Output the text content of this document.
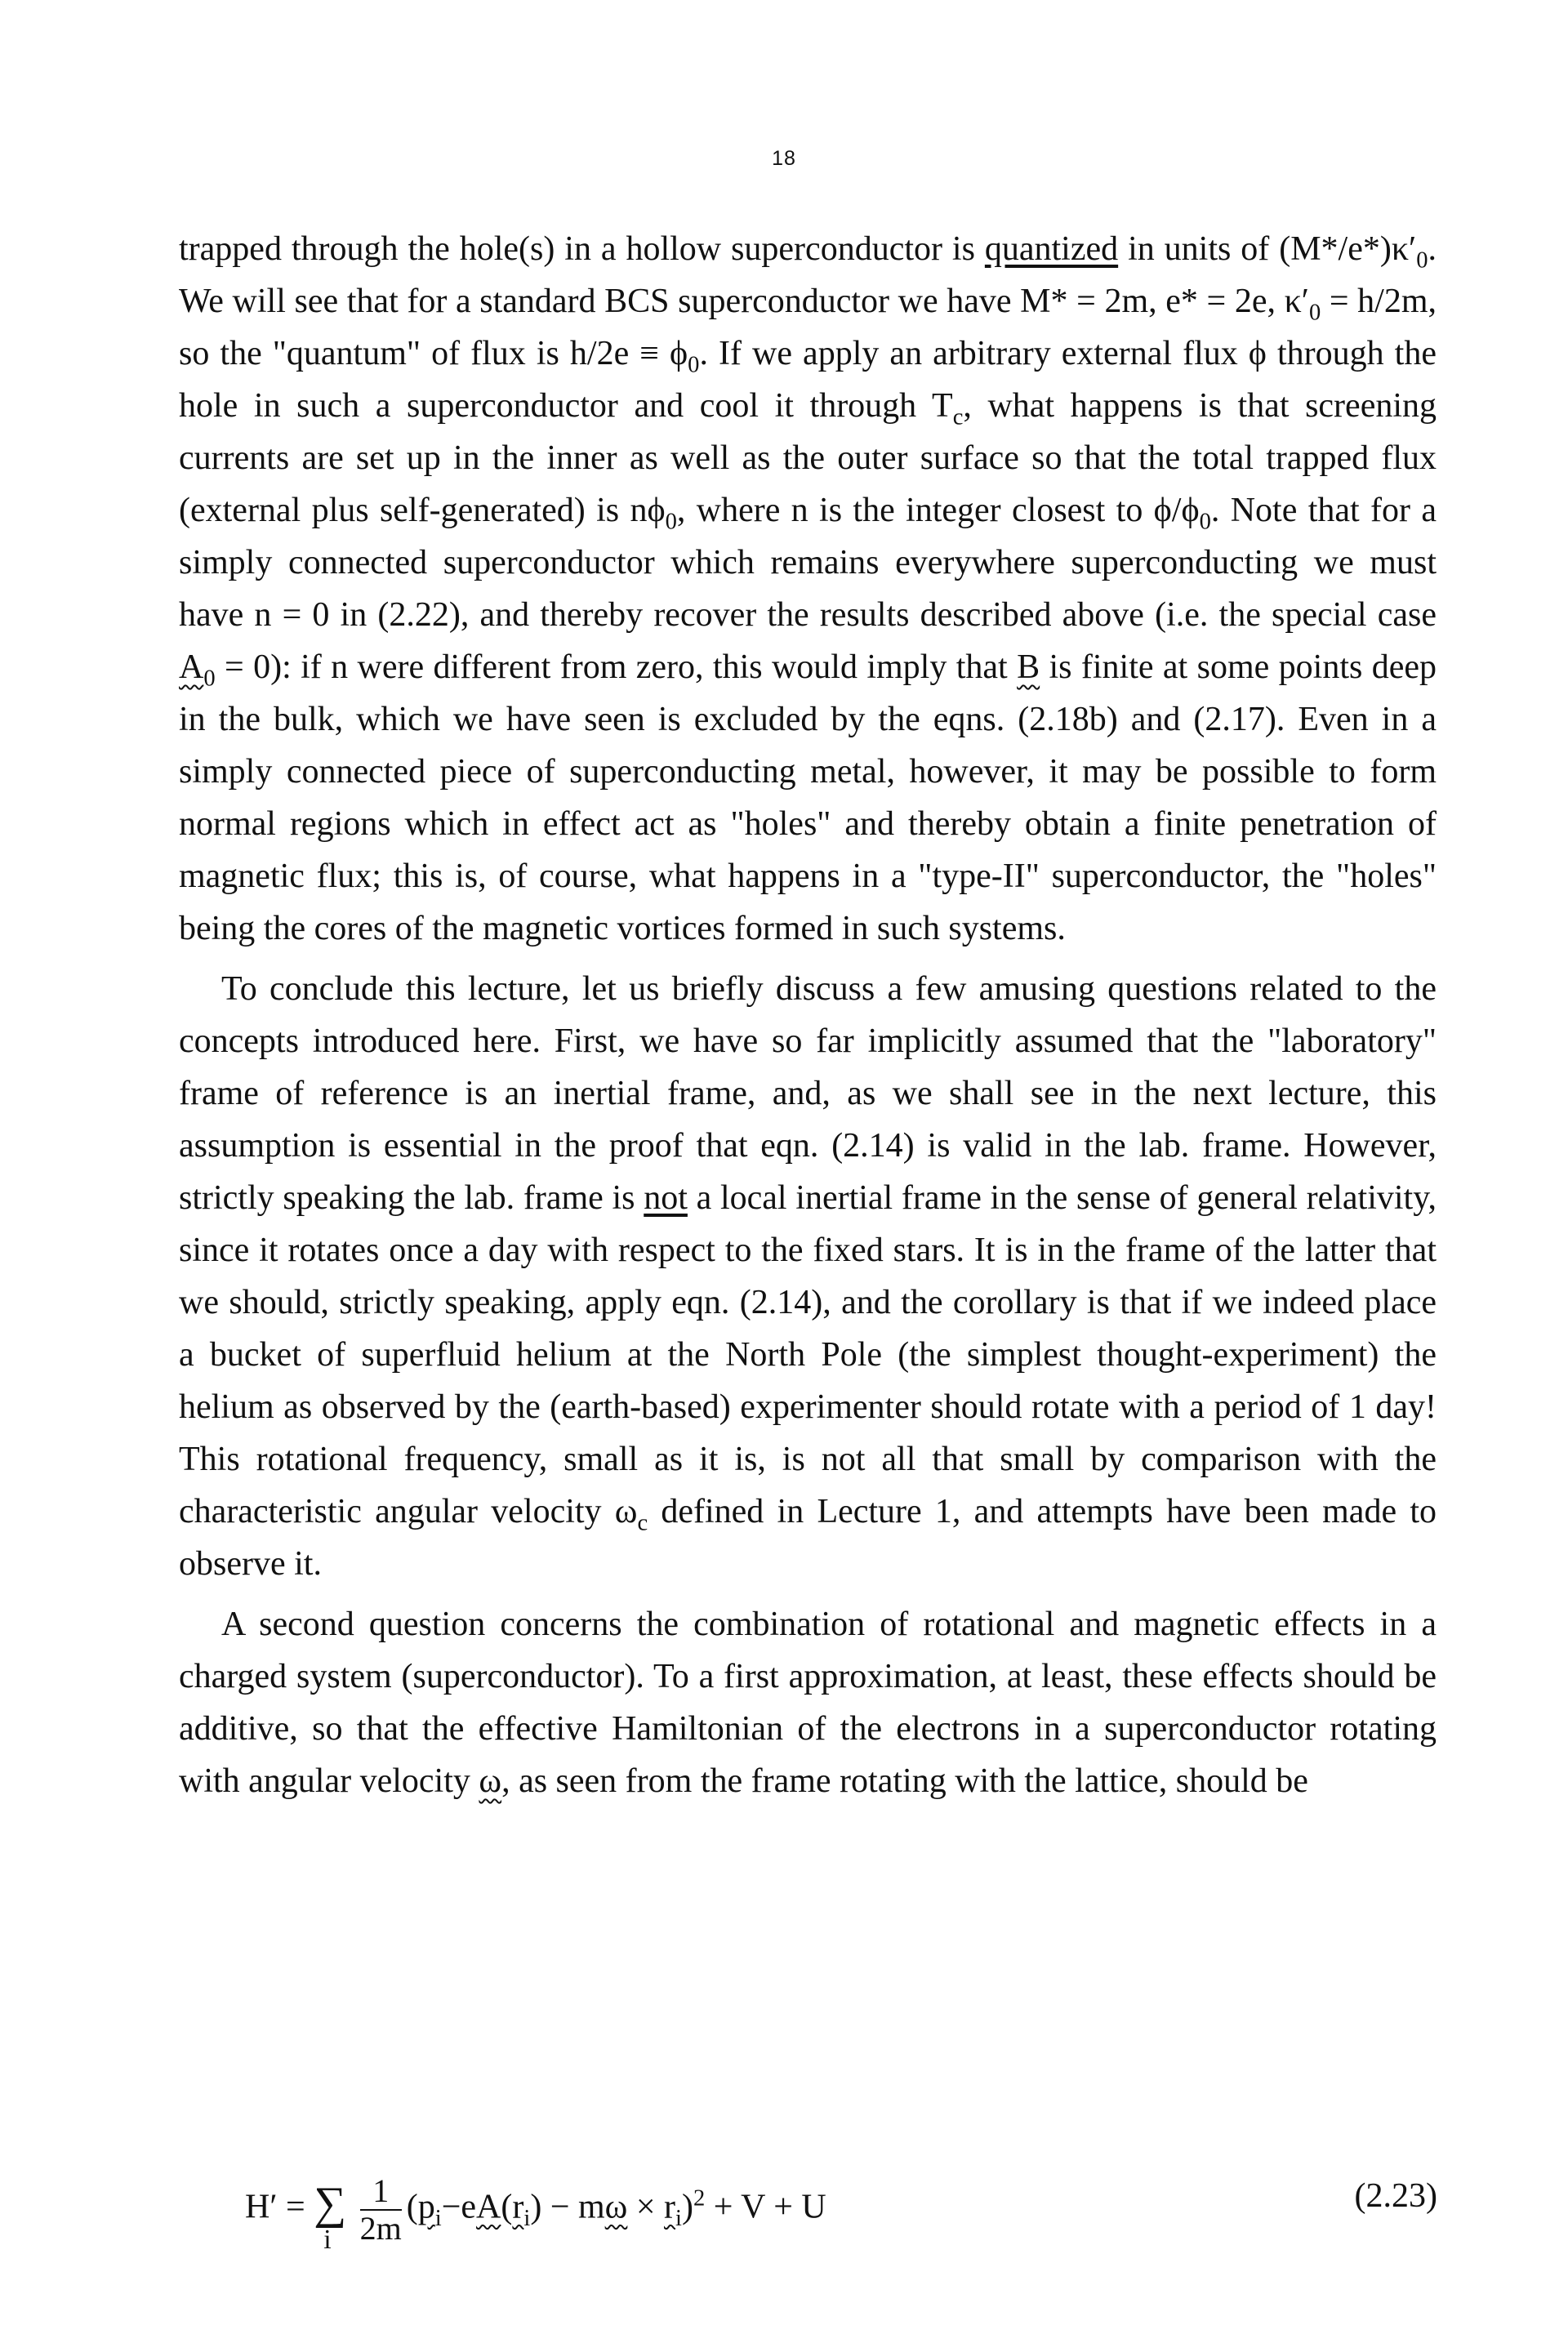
18

trapped through the hole(s) in a hollow superconductor is quantized in units of $(M*/e*)\kappa'_0$. We will see that for a standard BCS superconductor we have M* = 2m, e* = 2e, $\kappa'_0 = h/2m$, so the "quantum" of flux is $h/2e \equiv \phi_0$. If we apply an arbitrary external flux ϕ through the hole in such a superconductor and cool it through $T_c$, what happens is that screening currents are set up in the inner as well as the outer surface so that the total trapped flux (external plus self-generated) is $n\phi_0$, where n is the integer closest to $\phi/\phi_0$. Note that for a simply connected superconductor which remains everywhere superconducting we must have n = 0 in (2.22), and thereby recover the results described above (i.e. the special case $A_0 = 0$): if n were different from zero, this would imply that B is finite at some points deep in the bulk, which we have seen is excluded by the eqns. (2.18b) and (2.17). Even in a simply connected piece of superconducting metal, however, it may be possible to form normal regions which in effect act as "holes" and thereby obtain a finite penetration of magnetic flux; this is, of course, what happens in a "type-II" superconductor, the "holes" being the cores of the magnetic vortices formed in such systems.

To conclude this lecture, let us briefly discuss a few amusing questions related to the concepts introduced here. First, we have so far implicitly assumed that the "laboratory" frame of reference is an inertial frame, and, as we shall see in the next lecture, this assumption is essential in the proof that eqn. (2.14) is valid in the lab. frame. However, strictly speaking the lab. frame is not a local inertial frame in the sense of general relativity, since it rotates once a day with respect to the fixed stars. It is in the frame of the latter that we should, strictly speaking, apply eqn. (2.14), and the corollary is that if we indeed place a bucket of superfluid helium at the North Pole (the simplest thought-experiment) the helium as observed by the (earth-based) experimenter should rotate with a period of 1 day! This rotational frequency, small as it is, is not all that small by comparison with the characteristic angular velocity $\omega_c$ defined in Lecture 1, and attempts have been made to observe it.

A second question concerns the combination of rotational and magnetic effects in a charged system (superconductor). To a first approximation, at least, these effects should be additive, so that the effective Hamiltonian of the electrons in a superconductor rotating with angular velocity ω, as seen from the frame rotating with the lattice, should be

H′ = ∑
i
$\frac{1}{2m} (p_i-eA(r_i) - m\omega \times r_i)^2 + V + U$	(2.23)
